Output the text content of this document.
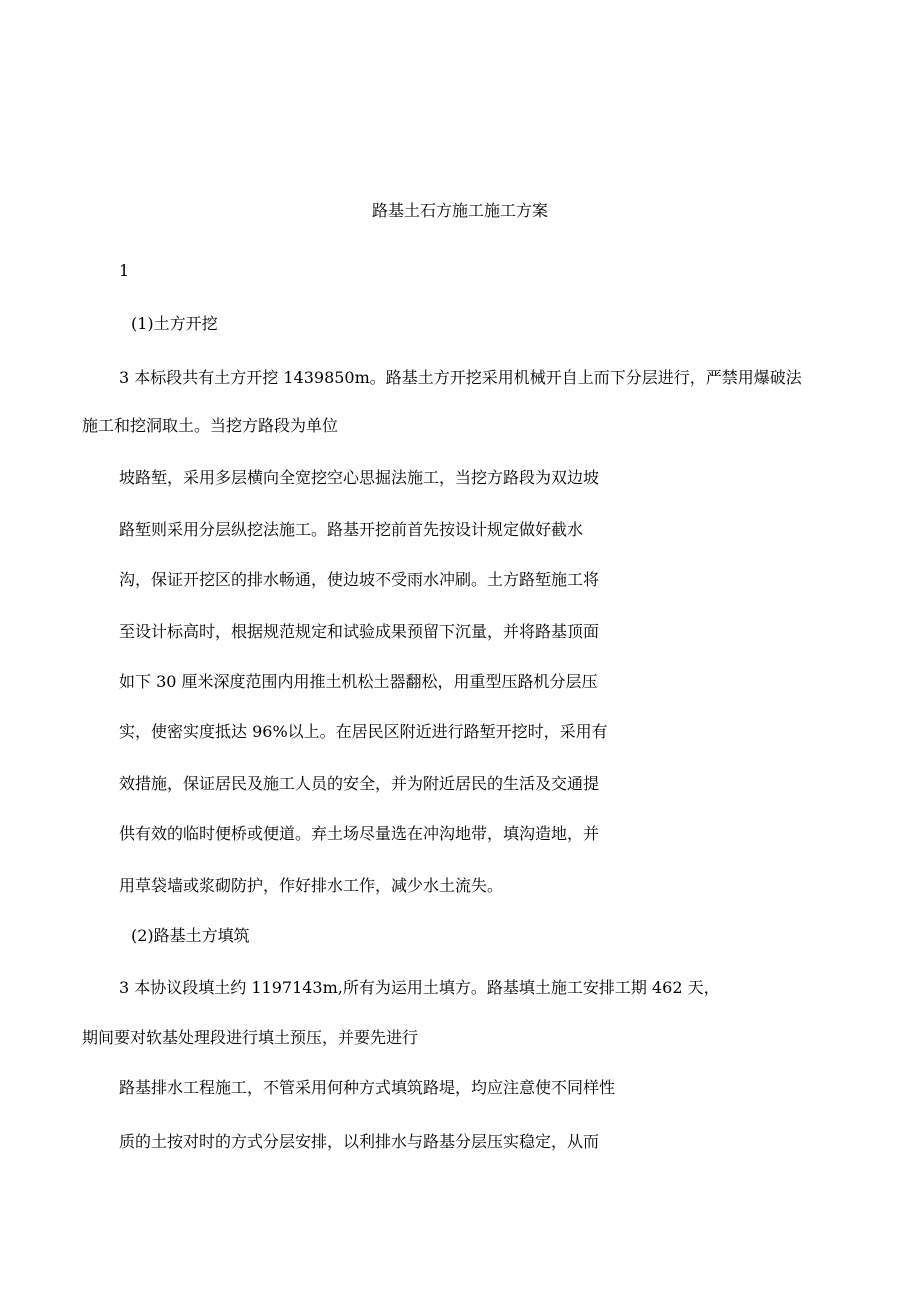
路基土石方施工施工方案
1
(1)土方开挖
3 本标段共有土方开挖 1439850m。路基土方开挖采用机械开自上而下分层进行，严禁用爆破法
施工和挖洞取土。当挖方路段为单位
坡路堑，采用多层横向全宽挖空心思掘法施工，当挖方路段为双边坡
路堑则采用分层纵挖法施工。路基开挖前首先按设计规定做好截水
沟，保证开挖区的排水畅通，使边坡不受雨水冲刷。土方路堑施工将
至设计标高时，根据规范规定和试验成果预留下沉量，并将路基顶面
如下 30 厘米深度范围内用推土机松土器翻松，用重型压路机分层压
实，使密实度抵达 96%以上。在居民区附近进行路堑开挖时，采用有
效措施，保证居民及施工人员的安全，并为附近居民的生活及交通提
供有效的临时便桥或便道。弃土场尽量选在冲沟地带，填沟造地，并
用草袋墙或浆砌防护，作好排水工作，减少水土流失。
(2)路基土方填筑
3 本协议段填土约 1197143m,所有为运用土填方。路基填土施工安排工期 462 天，
期间要对软基处理段进行填土预压，并要先进行
路基排水工程施工，不管采用何种方式填筑路堤，均应注意使不同样性
质的土按对时的方式分层安排，以利排水与路基分层压实稳定，从而
